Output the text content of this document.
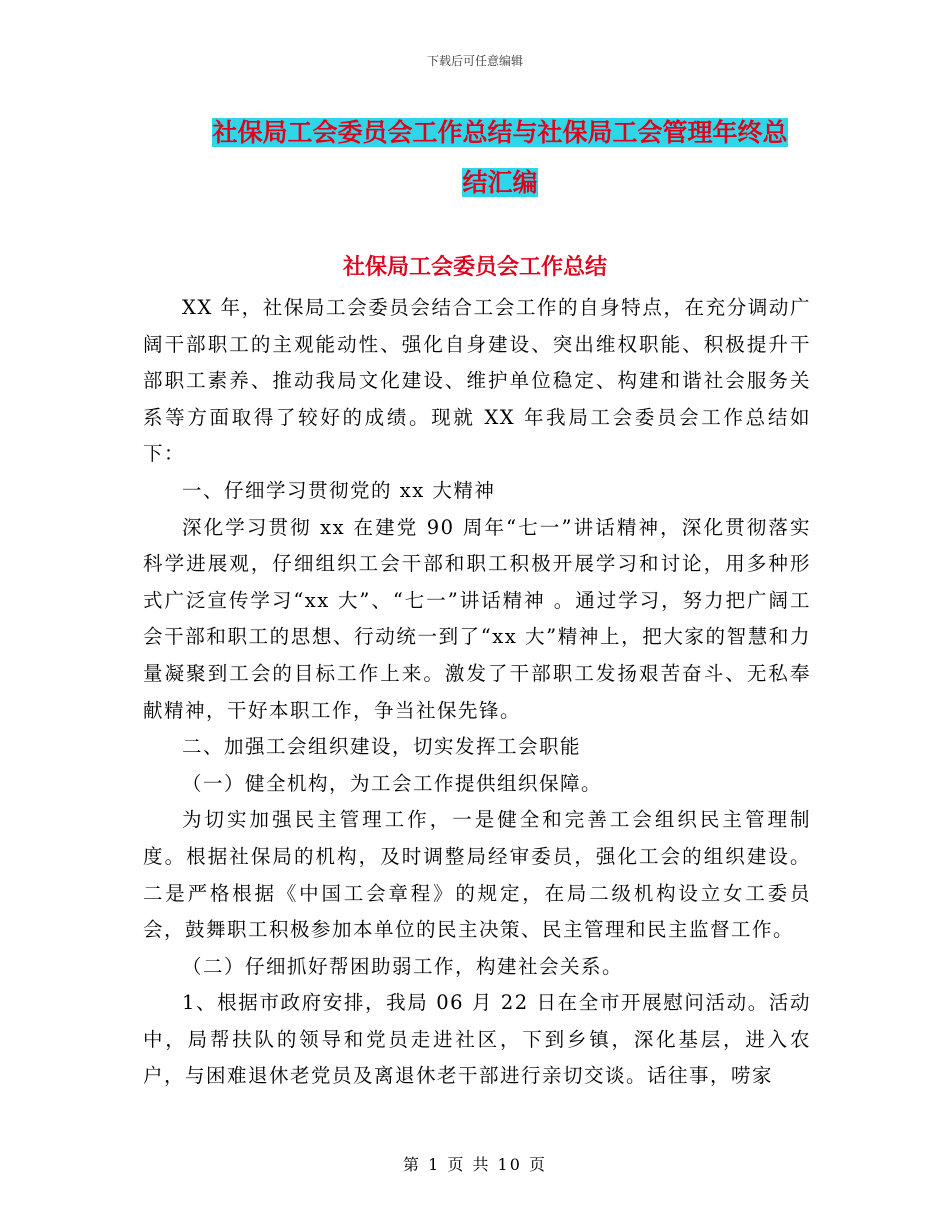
下载后可任意编辑
社保局工会委员会工作总结与社保局工会管理年终总
结汇编
社保局工会委员会工作总结

XX 年，社保局工会委员会结合工会工作的自身特点，在充分调动广阔干部职工的主观能动性、强化自身建设、突出维权职能、积极提升干部职工素养、推动我局文化建设、维护单位稳定、构建和谐社会服务关系等方面取得了较好的成绩。现就 XX 年我局工会委员会工作总结如下：

一、仔细学习贯彻党的 xx 大精神

深化学习贯彻 xx 在建党 90 周年“七一”讲话精神，深化贯彻落实科学进展观，仔细组织工会干部和职工积极开展学习和讨论，用多种形式广泛宣传学习“xx 大”、“七一”讲话精神 。通过学习，努力把广阔工会干部和职工的思想、行动统一到了“xx 大”精神上，把大家的智慧和力量凝聚到工会的目标工作上来。激发了干部职工发扬艰苦奋斗、无私奉献精神，干好本职工作，争当社保先锋。

二、加强工会组织建设，切实发挥工会职能

（一）健全机构，为工会工作提供组织保障。

为切实加强民主管理工作，一是健全和完善工会组织民主管理制度。根据社保局的机构，及时调整局经审委员，强化工会的组织建设。二是严格根据《中国工会章程》的规定，在局二级机构设立女工委员会，鼓舞职工积极参加本单位的民主决策、民主管理和民主监督工作。

（二）仔细抓好帮困助弱工作，构建社会关系。

1、根据市政府安排，我局 06 月 22 日在全市开展慰问活动。活动中，局帮扶队的领导和党员走进社区，下到乡镇，深化基层，进入农户，与困难退休老党员及离退休老干部进行亲切交谈。话往事，唠家

第 1 页 共 10 页
